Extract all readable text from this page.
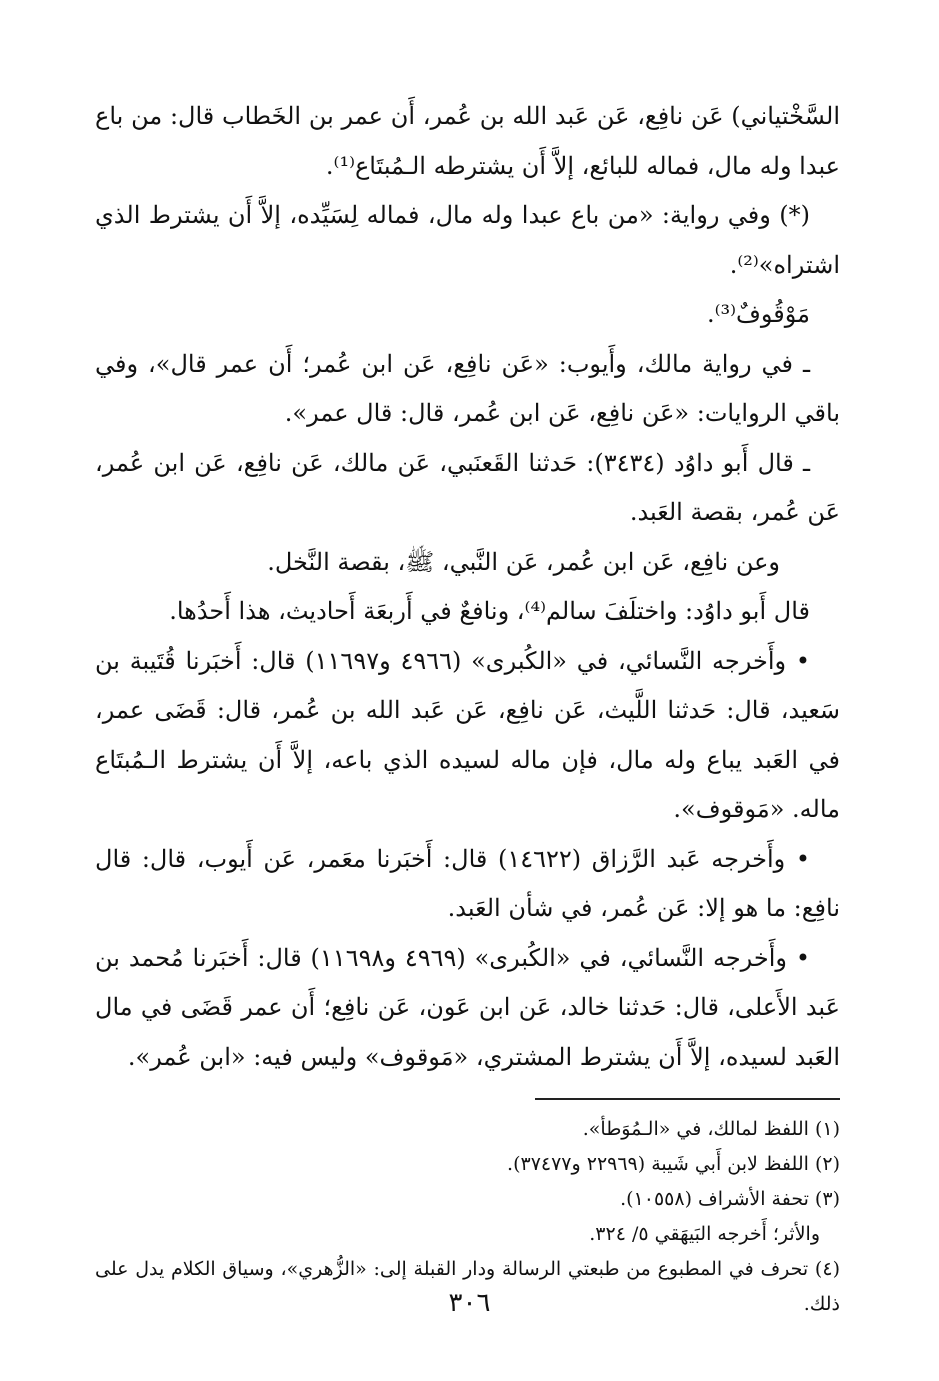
السَّخْتياني) عَن نافِع، عَن عَبد الله بن عُمر، أَن عمر بن الخَطاب قال: من باع عبدا وله مال، فماله للبائع، إلاَّ أَن يشترطه الـمُبتَاع⁽¹⁾.

(*) وفي رواية: «من باع عبدا وله مال، فماله لِسَيِّده، إلاَّ أَن يشترط الذي اشتراه»⁽²⁾.

مَوْقُوفٌ⁽³⁾.

ـ في رواية مالك، وأَيوب: «عَن نافِع، عَن ابن عُمر؛ أَن عمر قال»، وفي باقي الروايات: «عَن نافِع، عَن ابن عُمر، قال: قال عمر».

ـ قال أَبو داوُد (٣٤٣٤): حَدثنا القَعنَبي، عَن مالك، عَن نافِع، عَن ابن عُمر، عَن عُمر، بقصة العَبد.

وعن نافِع، عَن ابن عُمر، عَن النَّبي، ﷺ، بقصة النَّخل.

قال أَبو داوُد: واختلَفَ سالم⁽⁴⁾، ونافعٌ في أَربعَة أَحاديث، هذا أَحدُها.

• وأَخرجه النَّسائي، في «الكُبرى» (٤٩٦٦ و١١٦٩٧) قال: أَخبَرنا قُتَيبة بن سَعيد، قال: حَدثنا اللَّيث، عَن نافِع، عَن عَبد الله بن عُمر، قال: قَضَى عمر، في العَبد يباع وله مال، فإن ماله لسيده الذي باعه، إلاَّ أَن يشترط الـمُبتَاع ماله. «مَوقوف».

• وأَخرجه عَبد الرَّزاق (١٤٦٢٢) قال: أَخبَرنا معَمر، عَن أَيوب، قال: قال نافِع: ما هو إلا: عَن عُمر، في شأن العَبد.

• وأَخرجه النَّسائي، في «الكُبرى» (٤٩٦٩ و١١٦٩٨) قال: أَخبَرنا مُحمد بن عَبد الأَعلى، قال: حَدثنا خالد، عَن ابن عَون، عَن نافِع؛ أَن عمر قَضَى في مال العَبد لسيده، إلاَّ أَن يشترط المشتري، «مَوقوف» وليس فيه: «ابن عُمر».

(١) اللفظ لمالك، في «الـمُوَطأ».

(٢) اللفظ لابن أَبي شَيبة (٢٢٩٦٩ و٣٧٤٧٧).

(٣) تحفة الأشراف (١٠٥٥٨).

والأثر؛ أَخرجه البَيهَقي ٥/ ٣٢٤.

(٤) تحرف في المطبوع من طبعتي الرسالة ودار القبلة إلى: «الزُّهري»، وسياق الكلام يدل على ذلك.

٣٠٦
